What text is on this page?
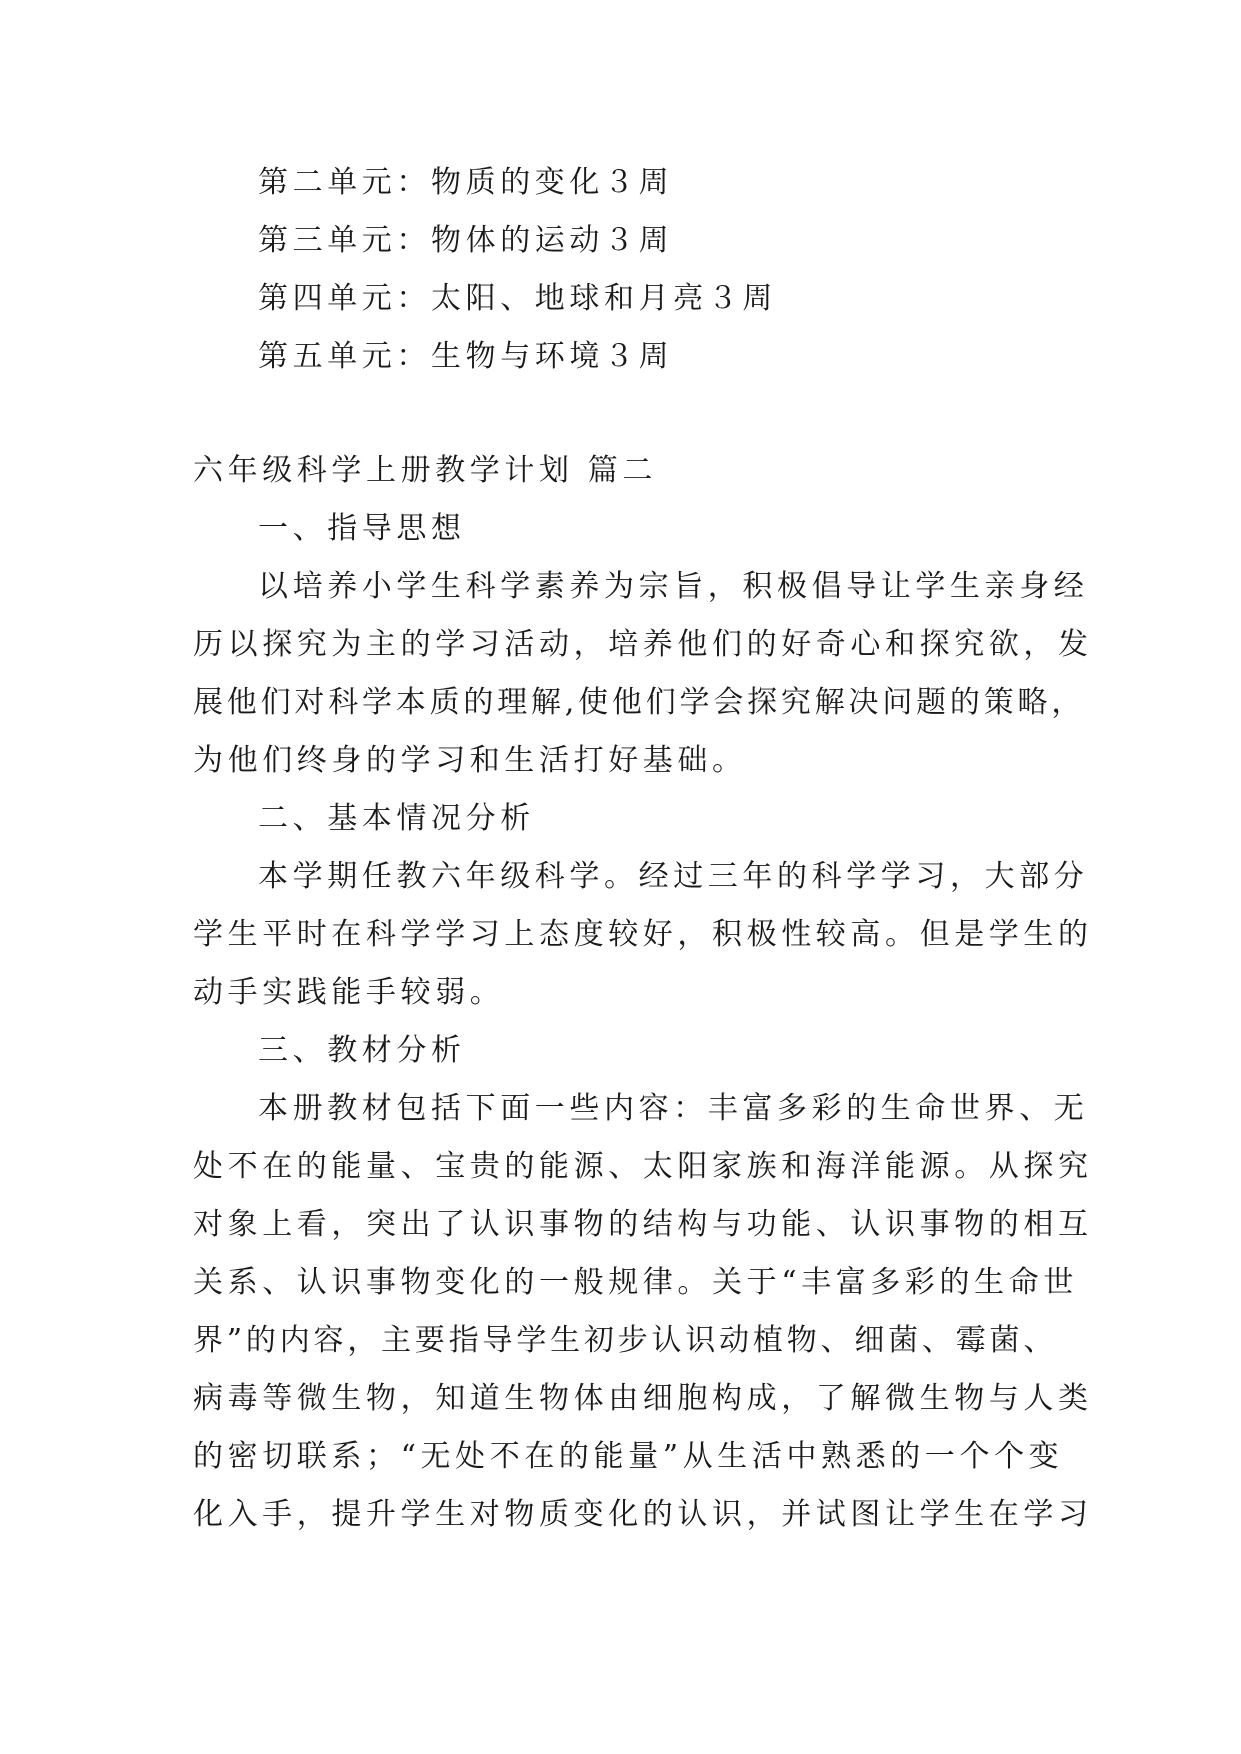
第二单元：物质的变化３周
第三单元：物体的运动３周
第四单元：太阳、地球和月亮３周
第五单元：生物与环境３周
六年级科学上册教学计划 篇二
一、指导思想
以培养小学生科学素养为宗旨，积极倡导让学生亲身经
历以探究为主的学习活动，培养他们的好奇心和探究欲，发
展他们对科学本质的理解,使他们学会探究解决问题的策略，
为他们终身的学习和生活打好基础。
二、基本情况分析
本学期任教六年级科学。经过三年的科学学习，大部分
学生平时在科学学习上态度较好，积极性较高。但是学生的
动手实践能手较弱。
三、教材分析
本册教材包括下面一些内容：丰富多彩的生命世界、无
处不在的能量、宝贵的能源、太阳家族和海洋能源。从探究
对象上看，突出了认识事物的结构与功能、认识事物的相互
关系、认识事物变化的一般规律。关于“丰富多彩的生命世
界”的内容，主要指导学生初步认识动植物、细菌、霉菌、
病毒等微生物，知道生物体由细胞构成，了解微生物与人类
的密切联系；“无处不在的能量”从生活中熟悉的一个个变
化入手，提升学生对物质变化的认识，并试图让学生在学习
